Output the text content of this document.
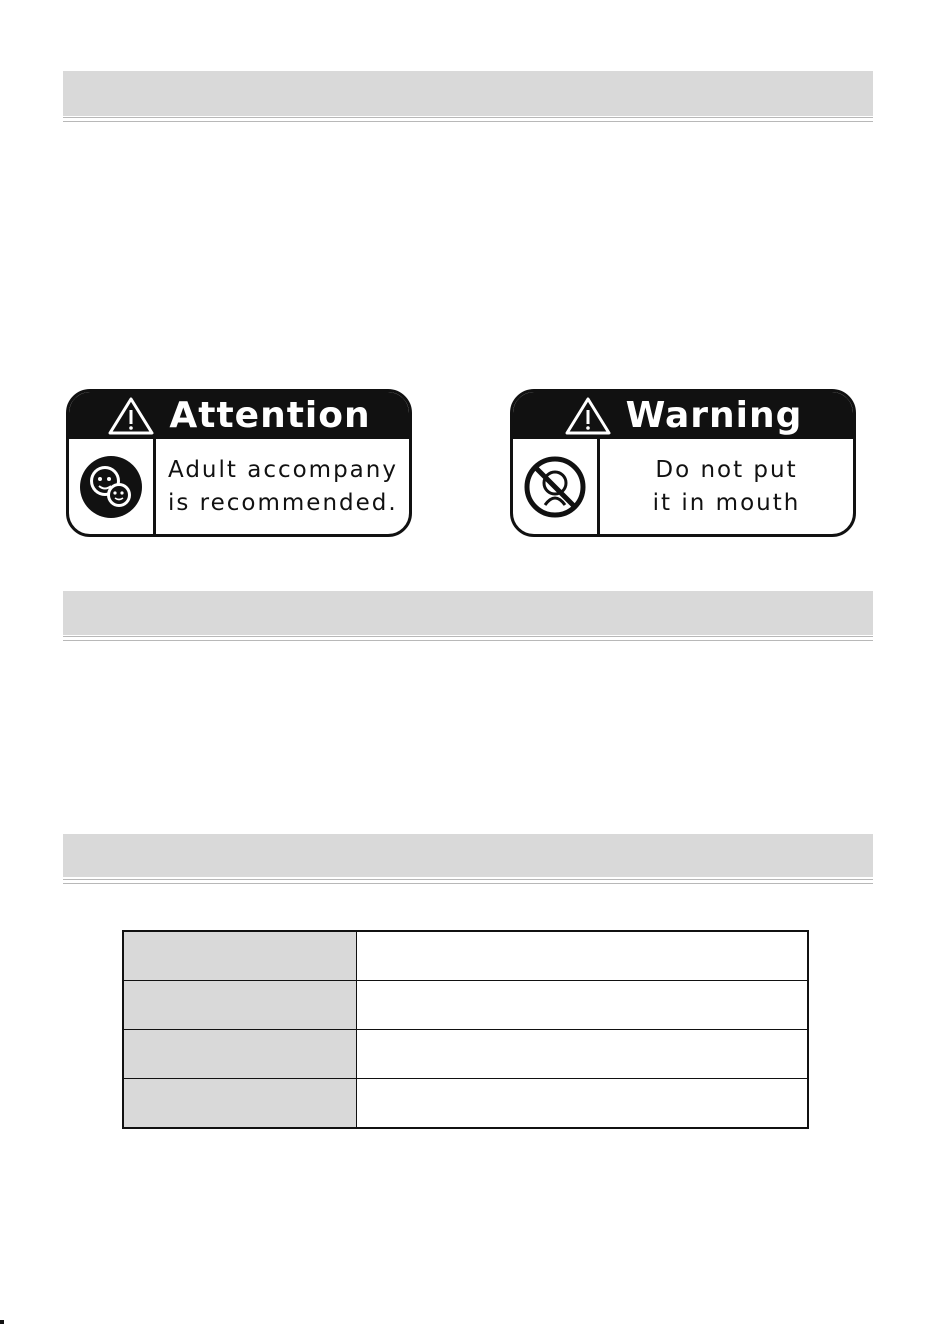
Attention
Adult accompany
is recommended.
Warning
Do not put
it in mouth
